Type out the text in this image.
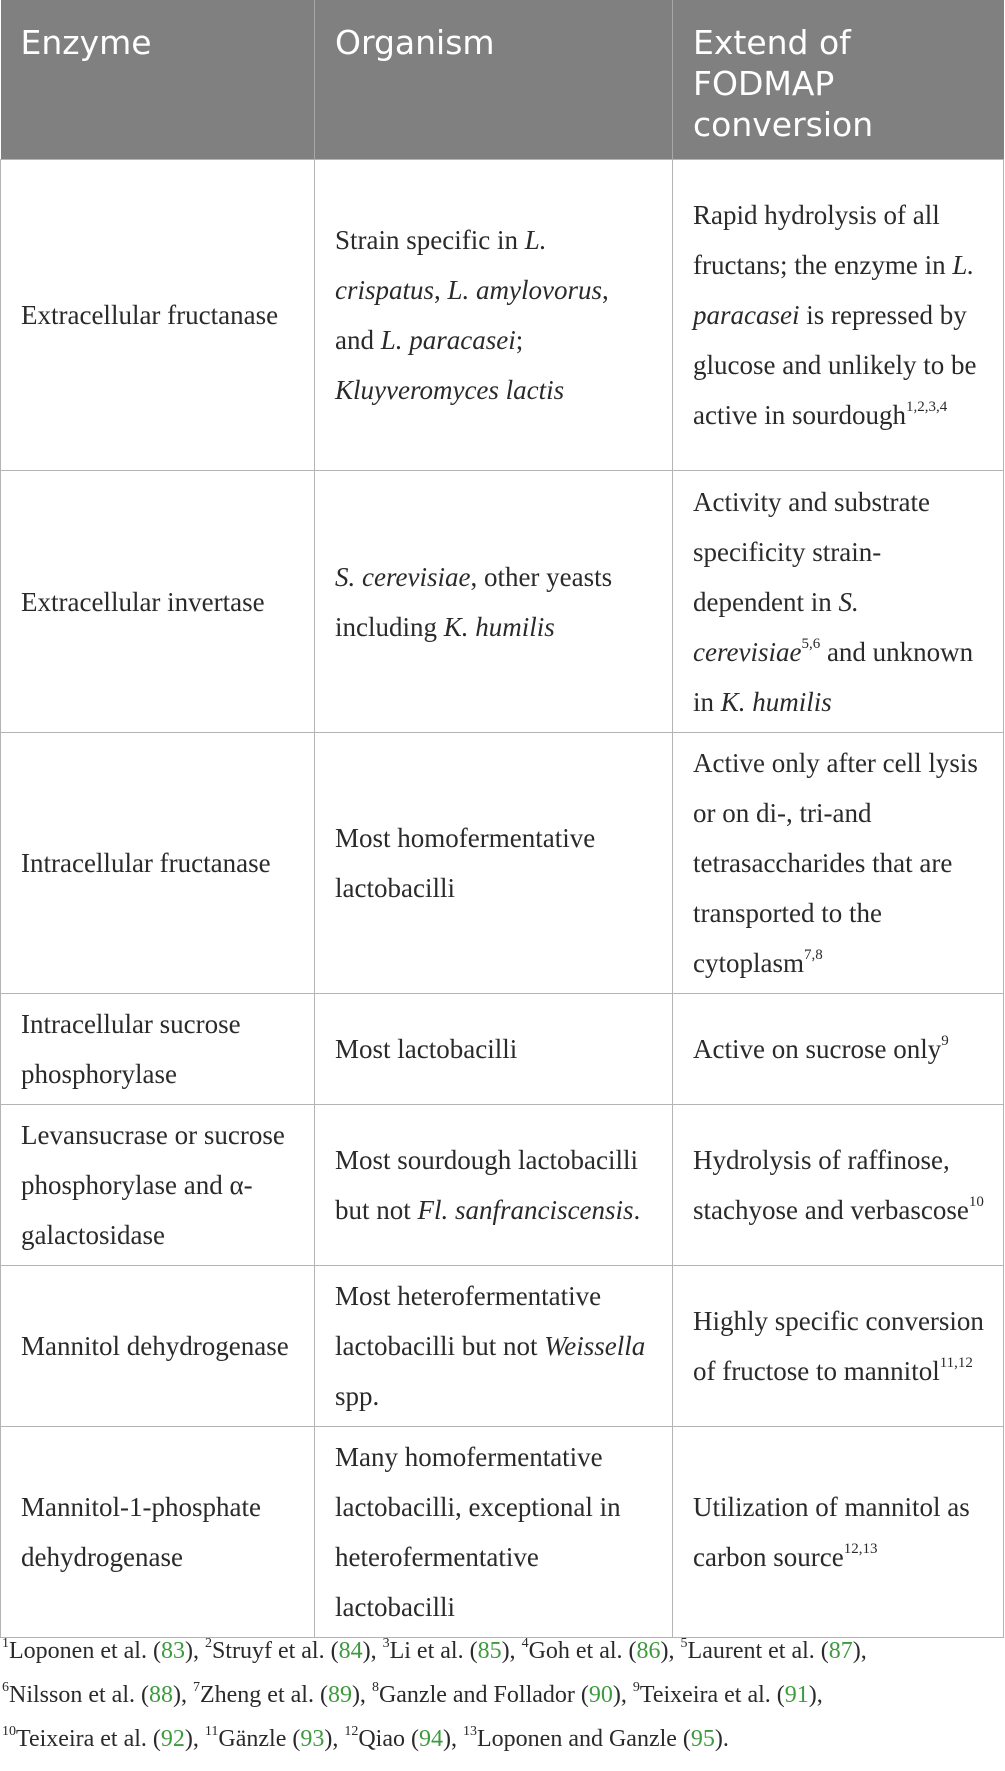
Enzyme	Organism	Extend of FODMAP conversion
Extracellular fructanase	Strain specific in L. crispatus, L. amylovorus, and L. paracasei; Kluyveromyces lactis	Rapid hydrolysis of all fructans; the enzyme in L. paracasei is repressed by glucose and unlikely to be active in sourdough$^{1,2,3,4}$
Extracellular invertase	S. cerevisiae, other yeasts including K. humilis	Activity and substrate specificity strain-dependent in S. cerevisiae$^{5,6}$ and unknown in K. humilis
Intracellular fructanase	Most homofermentative lactobacilli	Active only after cell lysis or on di-, tri-and tetrasaccharides that are transported to the cytoplasm$^{7,8}$
Intracellular sucrose phosphorylase	Most lactobacilli	Active on sucrose only$^9$
Levansucrase or sucrose phosphorylase and α-galactosidase	Most sourdough lactobacilli but not Fl. sanfranciscensis.	Hydrolysis of raffinose, stachyose and verbascose$^{10}$
Mannitol dehydrogenase	Most heterofermentative lactobacilli but not Weissella spp.	Highly specific conversion of fructose to mannitol$^{11,12}$
Mannitol-1-phosphate dehydrogenase	Many homofermentative lactobacilli, exceptional in heterofermentative lactobacilli	Utilization of mannitol as carbon source$^{12,13}$
$^1$Loponen et al. (83), $^2$Struyf et al. (84), $^3$Li et al. (85), $^4$Goh et al. (86), $^5$Laurent et al. (87),
$^6$Nilsson et al. (88), $^7$Zheng et al. (89), $^8$Ganzle and Follador (90), $^9$Teixeira et al. (91),
$^{10}$Teixeira et al. (92), $^{11}$Gänzle (93), $^{12}$Qiao (94), $^{13}$Loponen and Ganzle (95).
